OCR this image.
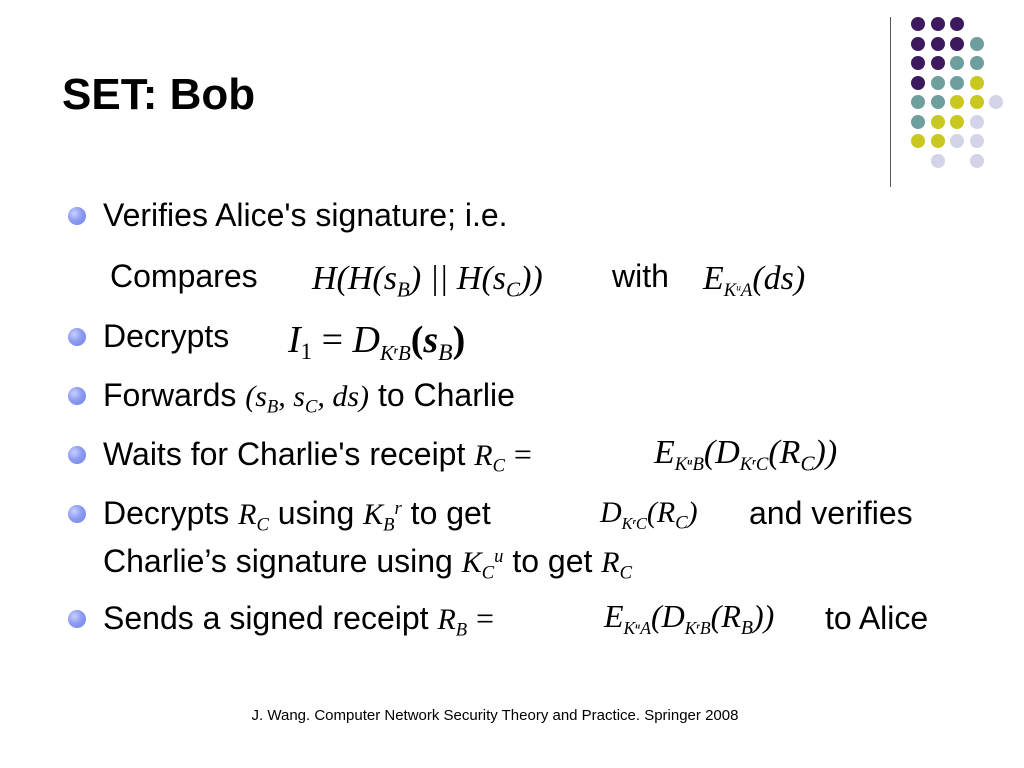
SET: Bob
Verifies Alice's signature; i.e.
Compares $H(H(s_B)$ || $H(s_C)$) with $E_{K^uA}(ds)$
Decrypts $I1 = D_{K^rB}(s_B)$
Forwards ($s_B$, $s_C$, ds) to Charlie
Waits for Charlie's receipt $R_C$ =	$E_{K^uB}(D_{K^rC}(R_C))$
Decrypts $R_C$ using $K_B^r$ to get	$D_{K^rC}(R_C)$ and verifies
Charlie’s signature using $K_C^u$ to get $R_C$
Sends a signed receipt $R_B$ =	$E_{K^uA}(D_{K^rB}(R_B))$ to Alice
J. Wang. Computer Network Security Theory and Practice. Springer 2008
